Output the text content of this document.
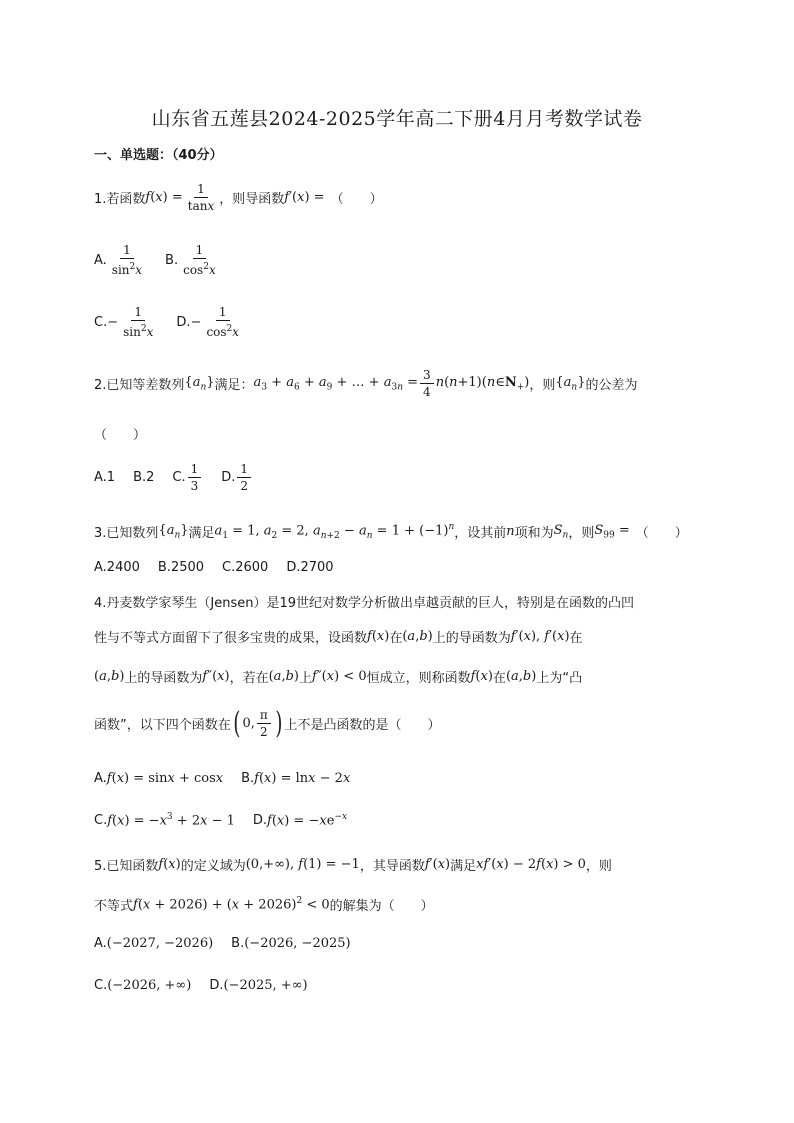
山东省五莲县2024-2025学年高二下册4月月考数学试卷
一、单选题：（40分）
1.若函数 $f(x) = \frac{1}{\tan x}$ ，则导函数 f′(x) = （　　）
A. $\frac{1}{\sin^2x} B$. $\frac{1}{\cos^2x}$
C. − $\frac{1}{\sin^2x} D$. − $\frac{1}{\cos^2x}$
2.已知等差数列 $\{a_n\}$ 满足： $a_3 + a_6 + a_9$ + … + $a_{3n} = \frac{3}{4}$ $n(n+1)(n\in N_+)$ ，则 $\{a_n\}$ 的公差为
（　　）
A.1 B.2 C. $\frac{1}{3} D$. $\frac{1}{2}$
3.已知数列 $\{a_n\}$ 满足 $a_1 = 1$, $a_2 = 2$, $a_{n+2} - a_n = 1 + (-1)^n$ ，设其前 n 项和为 $S_n$ ，则 $S_{99}$ = （　　）
A.2400 B.2500 C.2600 D.2700
4.丹麦数学家琴生（Jensen）是19世纪对数学分析做出卓越贡献的巨人，特别是在函数的凸凹
性与不等式方面留下了很多宝贵的成果，设函数 f(x) 在 (a,b) 上的导函数为 f′(x), f′(x) 在
(a,b) 上的导函数为 f″(x) ，若在 (a,b) 上 f″(x) < 0 恒成立，则称函数 f(x) 在 (a,b) 上为“凸
函数”，以下四个函数在 ( 0, $\frac{\pi}{2}$ ) 上不是凸函数的是（　　）
A. f(x) = sinx + cosx B. f(x) = lnx − 2x
C. $f(x) = -x^3 + 2x - 1$ D. $f(x) = -xe^{-x}$
5.已知函数 f(x) 的定义域为 (0,+∞), f(1) = −1 ，其导函数 f′(x) 满足 xf′(x) − 2f(x) > 0 ，则
不等式 $f(x + 2026) + (x + 2026)^2 < 0$ 的解集为（　　）
A. (−2027, −2026) B. (−2026, −2025)
C. (−2026, +∞) D. (−2025, +∞)
